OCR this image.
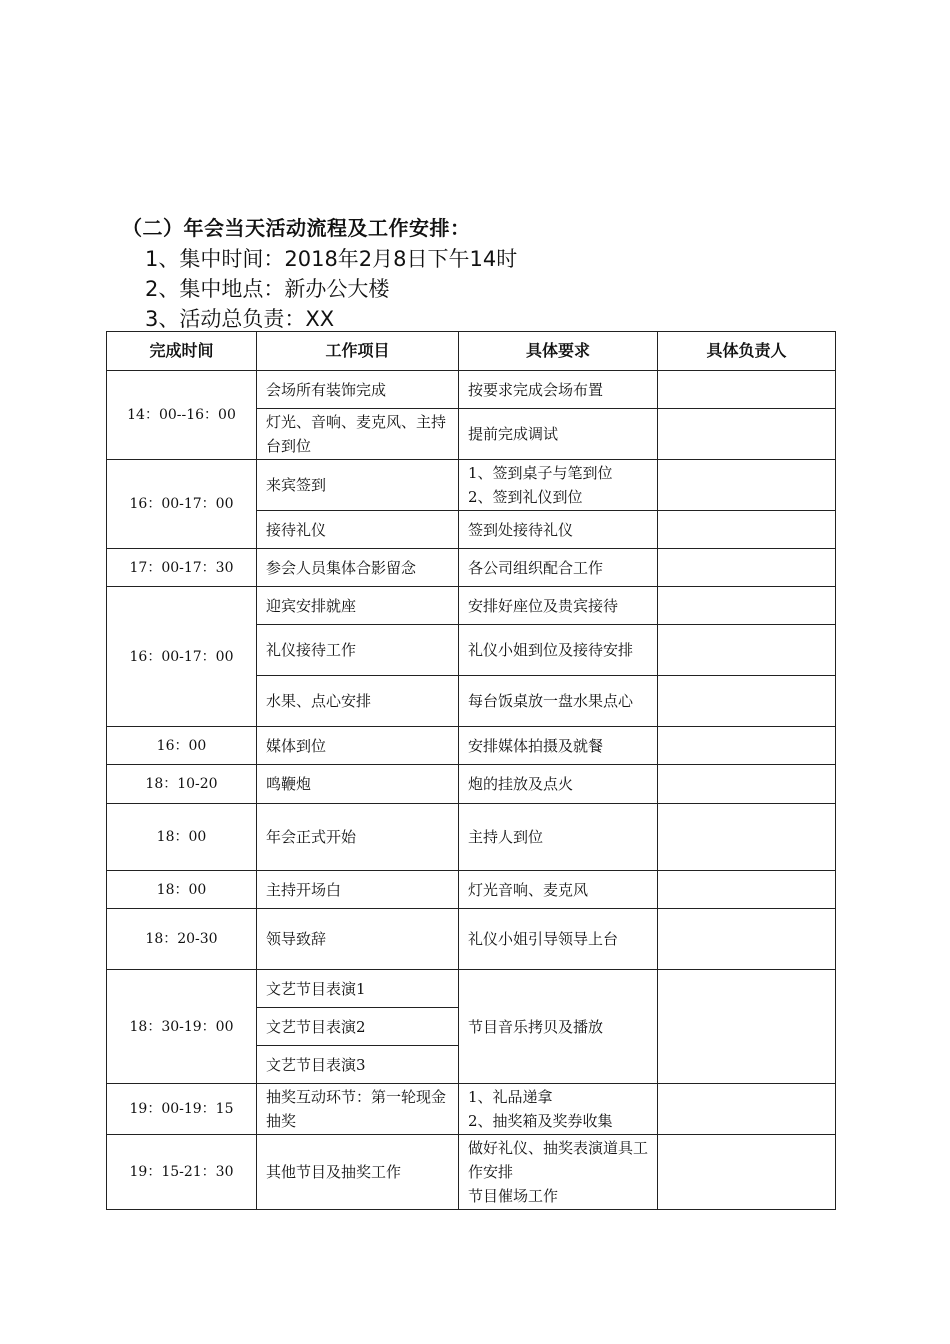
（二）年会当天活动流程及工作安排：
1、集中时间：2018年2月8日下午14时
2、集中地点：新办公大楼
3、活动总负责：XX
完成时间	工作项目	具体要求	具体负责人
14：00--16：00	会场所有装饰完成	按要求完成会场布置	
	灯光、音响、麦克风、主持台到位	提前完成调试	
16：00-17：00	来宾签到	1、签到桌子与笔到位
2、签到礼仪到位	
	接待礼仪	签到处接待礼仪	
17：00-17：30	参会人员集体合影留念	各公司组织配合工作	
16：00-17：00	迎宾安排就座	安排好座位及贵宾接待	
	礼仪接待工作	礼仪小姐到位及接待安排	
	水果、点心安排	每台饭桌放一盘水果点心	
16：00	媒体到位	安排媒体拍摄及就餐	
18：10-20	鸣鞭炮	炮的挂放及点火	
18：00	年会正式开始	主持人到位	
18：00	主持开场白	灯光音响、麦克风	
18：20-30	领导致辞	礼仪小姐引导领导上台	
18：30-19：00	文艺节目表演1	节目音乐拷贝及播放	
	文艺节目表演2		
	文艺节目表演3		
19：00-19：15	抽奖互动环节：第一轮现金抽奖	1、礼品递拿
2、抽奖箱及奖券收集	
19：15-21：30	其他节目及抽奖工作	做好礼仪、抽奖表演道具工作安排
节目催场工作	
